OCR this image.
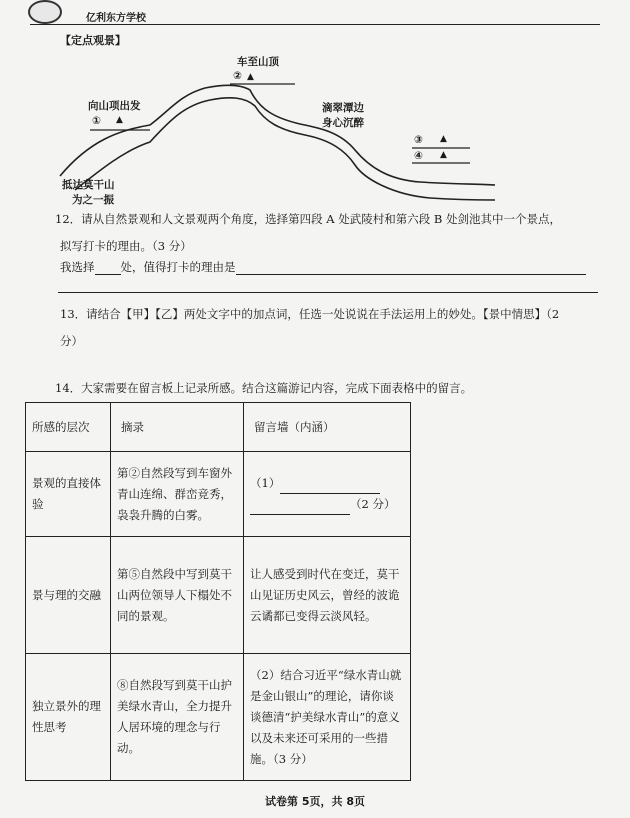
亿利东方学校
【定点观景】
车至山顶
② ▲
向山项出发
① ▲
滴翠潭边
身心沉醉
③ ▲
④ ▲
抵达莫干山
为之一振
12．请从自然景观和人文景观两个角度，选择第四段 A 处武陵村和第六段 B 处剑池其中一个景点，
拟写打卡的理由。（3 分）
我选择 处，值得打卡的理由是
13．请结合【甲】【乙】两处文字中的加点词，任选一处说说在手法运用上的妙处。【景中情思】（2
分）
14．大家需要在留言板上记录所感。结合这篇游记内容，完成下面表格中的留言。
所感的层次	摘录	留言墙（内涵）
景观的直接体验	第②自然段写到车窗外青山连绵、群峦竞秀，袅袅升腾的白雾。	（1）
（2 分）

景与理的交融	第⑤自然段中写到莫干山两位领导人下榻处不同的景观。	让人感受到时代在变迁，莫干山见证历史风云，曾经的波诡云谲都已变得云淡风轻。
独立景外的理性思考	⑧自然段写到莫干山护美绿水青山，全力提升人居环境的理念与行动。	（2）结合习近平“绿水青山就是金山银山”的理论，请你谈谈德清“护美绿水青山”的意义以及未来还可采用的一些措施。（3 分）
试卷第 5页，共 8页
